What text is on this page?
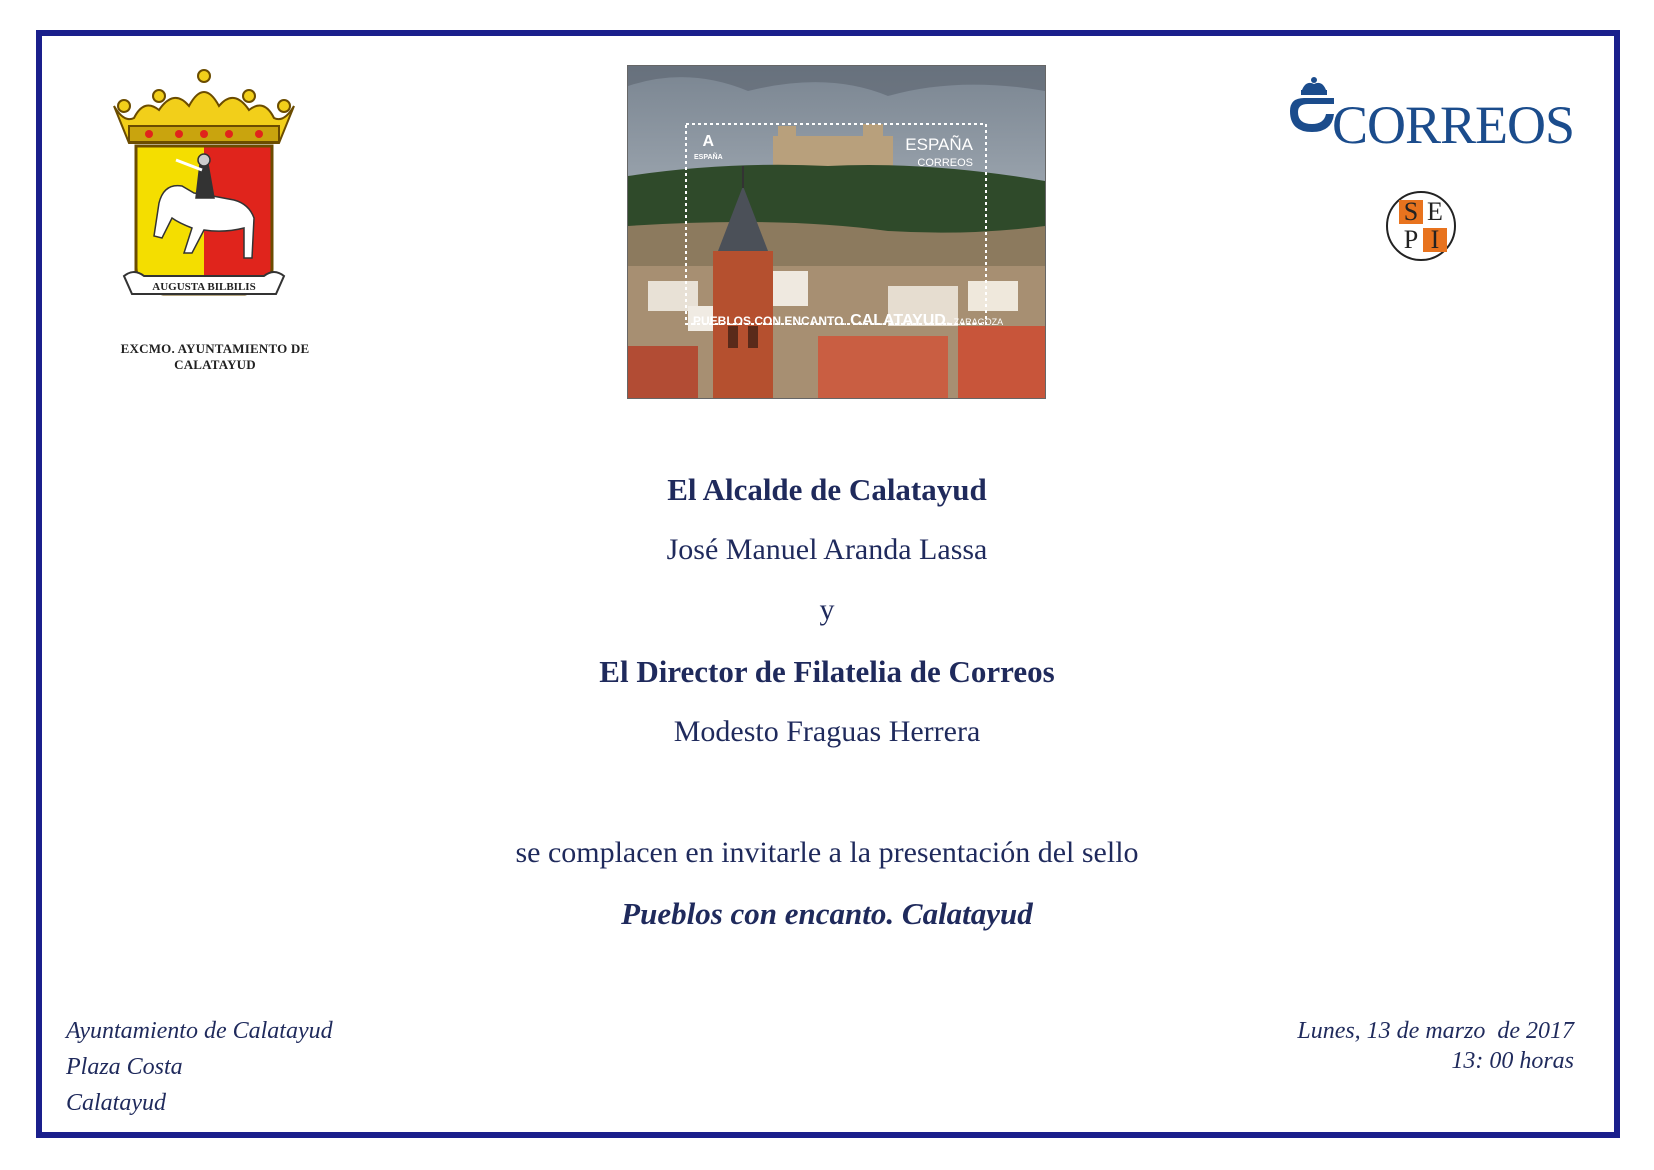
AUGUSTA BILBILIS
EXCMO. AYUNTAMIENTO DE CALATAYUD
A
ESPAÑA
ESPAÑA
CORREOS
PUEBLOS CON ENCANTO. CALATAYUD. ZARAGOZA
CORREOS
S E
P I
El Alcalde de Calatayud
José Manuel Aranda Lassa
y
El Director de Filatelia de Correos
Modesto Fraguas Herrera
se complacen en invitarle a la presentación del sello
Pueblos con encanto. Calatayud
Ayuntamiento de Calatayud
Plaza Costa
Calatayud
Lunes, 13 de marzo  de 2017
13: 00 horas
